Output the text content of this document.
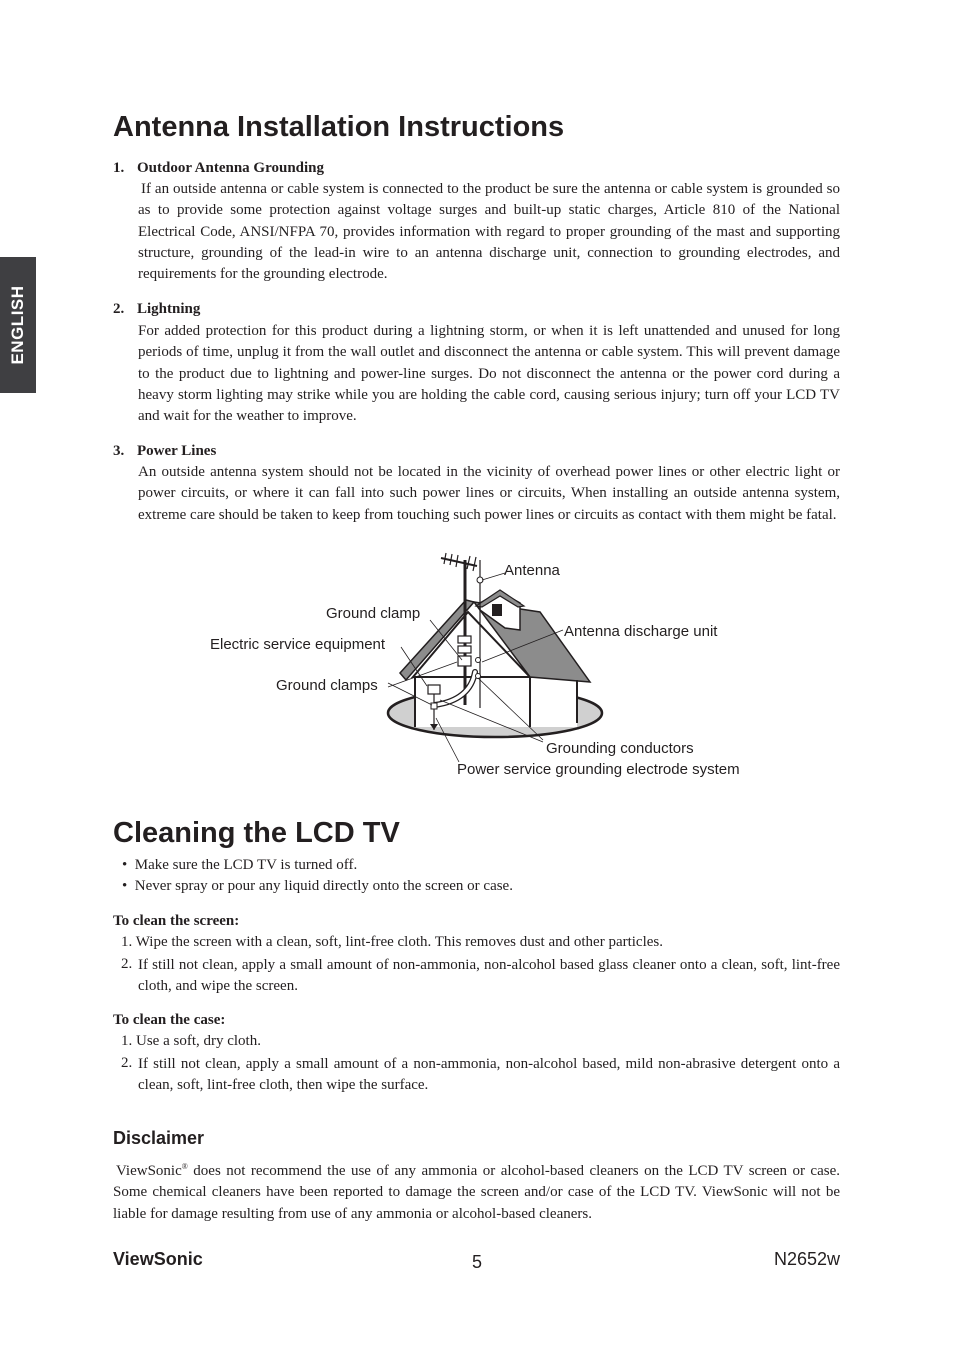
ENGLISH
Antenna Installation Instructions
1. Outdoor Antenna Grounding

If an outside antenna or cable system is connected to the product be sure the antenna or cable system is grounded so as to provide some protection against voltage surges and built-up static charges, Article 810 of the National Electrical Code, ANSI/NFPA 70, provides information with regard to proper grounding of the mast and supporting structure, grounding of the lead-in wire to an antenna discharge unit, connection to grounding electrodes, and requirements for the grounding electrode.

2. Lightning

For added protection for this product during a lightning storm, or when it is left unattended and unused for long periods of time, unplug it from the wall outlet and disconnect the antenna or cable system. This will prevent damage to the product due to lightning and power-line surges. Do not disconnect the antenna or the power cord during a heavy storm lighting may strike while you are holding the cable cord, causing serious injury; turn off your LCD TV and wait for the weather to improve.

3. Power Lines

An outside antenna system should not be located in the vicinity of overhead power lines or other electric light or power circuits, or where it can fall into such power lines or circuits, When installing an outside antenna system, extreme care should be taken to keep from touching such power lines or circuits as contact with them might be fatal.

Antenna
Ground clamp
Antenna discharge unit
Electric service equipment
Ground clamps
Grounding conductors
Power service grounding electrode system
Cleaning the LCD TV
•  Make sure the LCD TV is turned off.
•  Never spray or pour any liquid directly onto the screen or case.
To clean the screen:
1. Wipe the screen with a clean, soft, lint-free cloth. This removes dust and other particles.
2. If still not clean, apply a small amount of non-ammonia, non-alcohol based glass cleaner onto a clean, soft, lint-free cloth, and wipe the screen.

To clean the case:
1. Use a soft, dry cloth.
2. If still not clean, apply a small amount of a non-ammonia, non-alcohol based, mild non-abrasive detergent onto a clean, soft, lint-free cloth, then wipe the surface.

Disclaimer

ViewSonic® does not recommend the use of any ammonia or alcohol-based cleaners on the LCD TV screen or case. Some chemical cleaners have been reported to damage the screen and/or case of the LCD TV. ViewSonic will not be liable for damage resulting from use of any ammonia or alcohol-based cleaners.

ViewSonic	5	N2652w
